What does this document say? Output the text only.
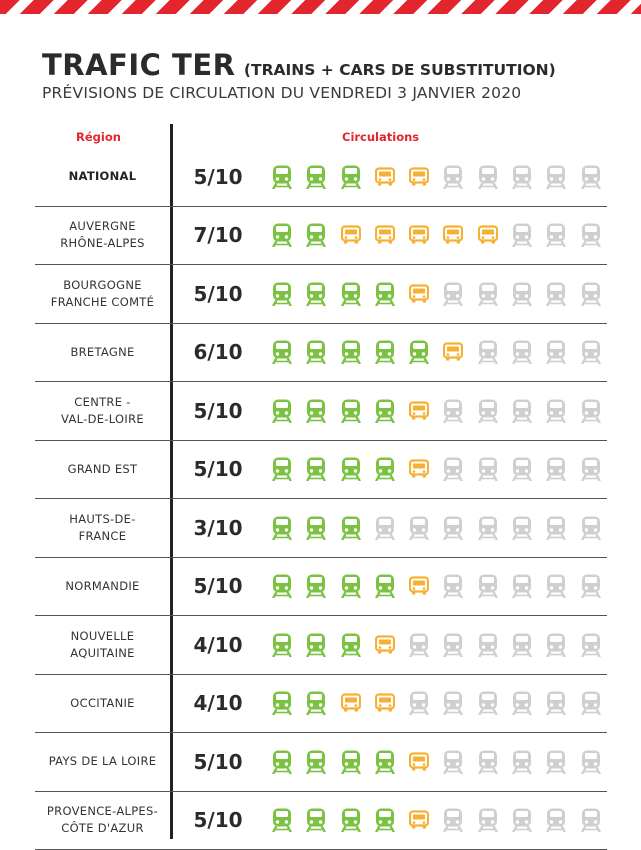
TRAFIC TER (TRAINS + CARS DE SUBSTITUTION)
PRÉVISIONS DE CIRCULATION DU VENDREDI 3 JANVIER 2020
Région	Circulations
NATIONAL	5/10
AUVERGNE
RHÔNE-ALPES	7/10
BOURGOGNE
FRANCHE COMTÉ	5/10
BRETAGNE	6/10
CENTRE -
VAL-DE-LOIRE	5/10
GRAND EST	5/10
HAUTS-DE-
FRANCE	3/10
NORMANDIE	5/10
NOUVELLE
AQUITAINE	4/10
OCCITANIE	4/10
PAYS DE LA LOIRE	5/10
PROVENCE-ALPES-
CÔTE D'AZUR	5/10
